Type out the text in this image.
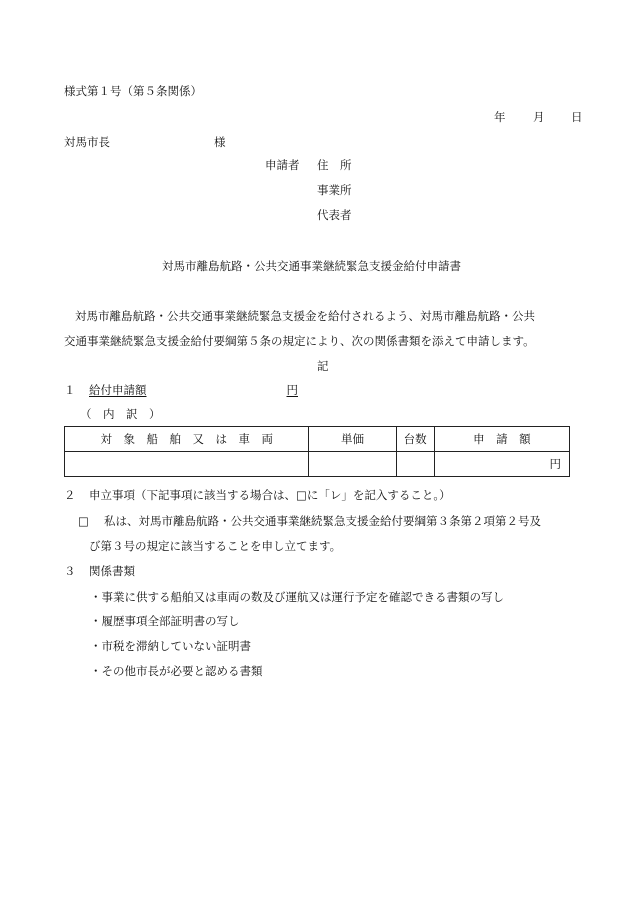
様式第１号（第５条関係）
年 月 日
対馬市長	様
申請者 住　所
事業所
代表者
対馬市離島航路・公共交通事業継続緊急支援金給付申請書
対馬市離島航路・公共交通事業継続緊急支援金を給付されるよう、対馬市離島航路・公共
交通事業継続緊急支援金給付要綱第５条の規定により、次の関係書類を添えて申請します。
記
１ 給付申請額	円
（　内　訳　）
対　象　船　舶　又　は　車　両	単価	台数	申　請　額
			円
２ 申立事項（下記事項に該当する場合は、□に「レ」を記入すること。）
□ 私は、対馬市離島航路・公共交通事業継続緊急支援金給付要綱第３条第２項第２号及
び第３号の規定に該当することを申し立てます。
３ 関係書類
・事業に供する船舶又は車両の数及び運航又は運行予定を確認できる書類の写し
・履歴事項全部証明書の写し
・市税を滞納していない証明書
・その他市長が必要と認める書類
